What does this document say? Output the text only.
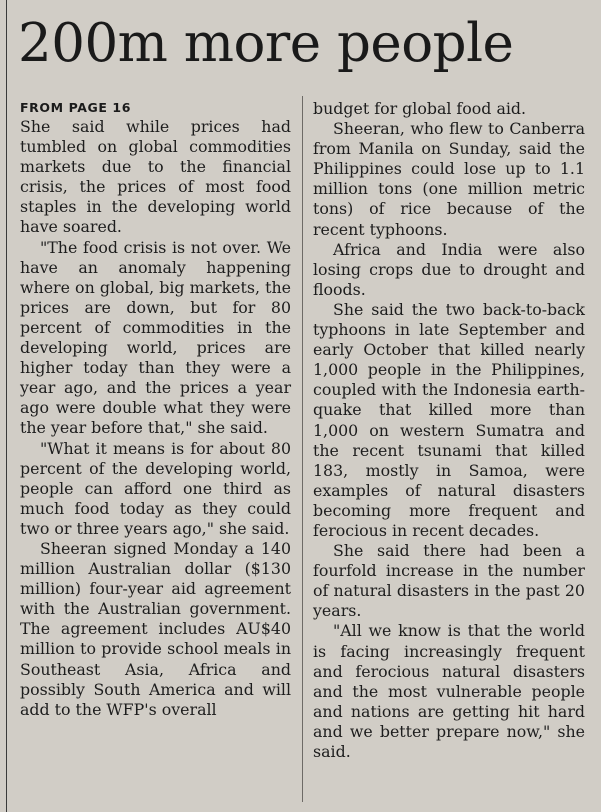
200m more people
FROM PAGE 16

She said while prices had tumbled on global commodities markets due to the financial crisis, the prices of most food staples in the developing world have soared.

"The food crisis is not over. We have an anomaly happening where on global, big markets, the prices are down, but for 80 percent of commodities in the developing world, prices are higher today than they were a year ago, and the prices a year ago were double what they were the year before that," she said.

"What it means is for about 80 percent of the developing world, people can afford one third as much food today as they could two or three years ago," she said.

Sheeran signed Monday a 140 million Australian dollar ($130 million) four-year aid agreement with the Australian government. The agreement includes AU$40 million to provide school meals in Southeast Asia, Africa and possibly South America and will add to the WFP's overall

budget for global food aid.

Sheeran, who flew to Canberra from Manila on Sunday, said the Philippines could lose up to 1.1 million tons (one million metric tons) of rice because of the recent typhoons.

Africa and India were also losing crops due to drought and floods.

She said the two back-to-back typhoons in late September and early October that killed nearly 1,000 people in the Philippines, coupled with the Indonesia earthquake that killed more than 1,000 on western Sumatra and the recent tsunami that killed 183, mostly in Samoa, were examples of natural disasters becoming more frequent and ferocious in recent decades.

She said there had been a fourfold increase in the number of natural disasters in the past 20 years.

"All we know is that the world is facing increasingly frequent and ferocious natural disasters and the most vulnerable people and nations are getting hit hard and we better prepare now," she said.
